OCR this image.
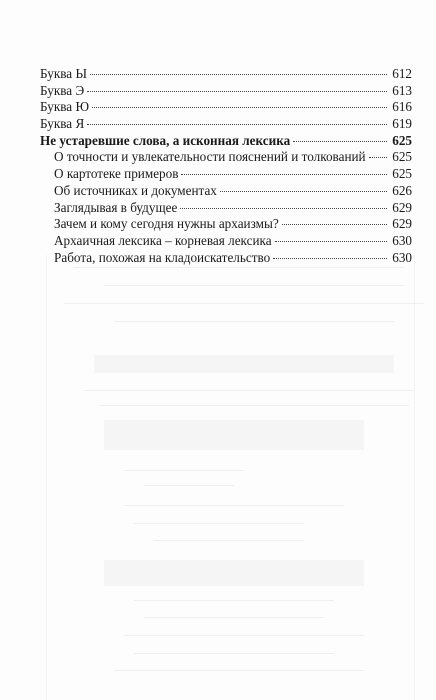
Буква Ы	612
Буква Э	613
Буква Ю	616
Буква Я	619
Не устаревшие слова, а исконная лексика	625
О точности и увлекательности пояснений и толкований 625
О картотеке примеров	625
Об источниках и документах	626
Заглядывая в будущее	629
Зачем и кому сегодня нужны архаизмы?	629
Архаичная лексика – корневая лексика	630
Работа, похожая на кладоискательство	630
